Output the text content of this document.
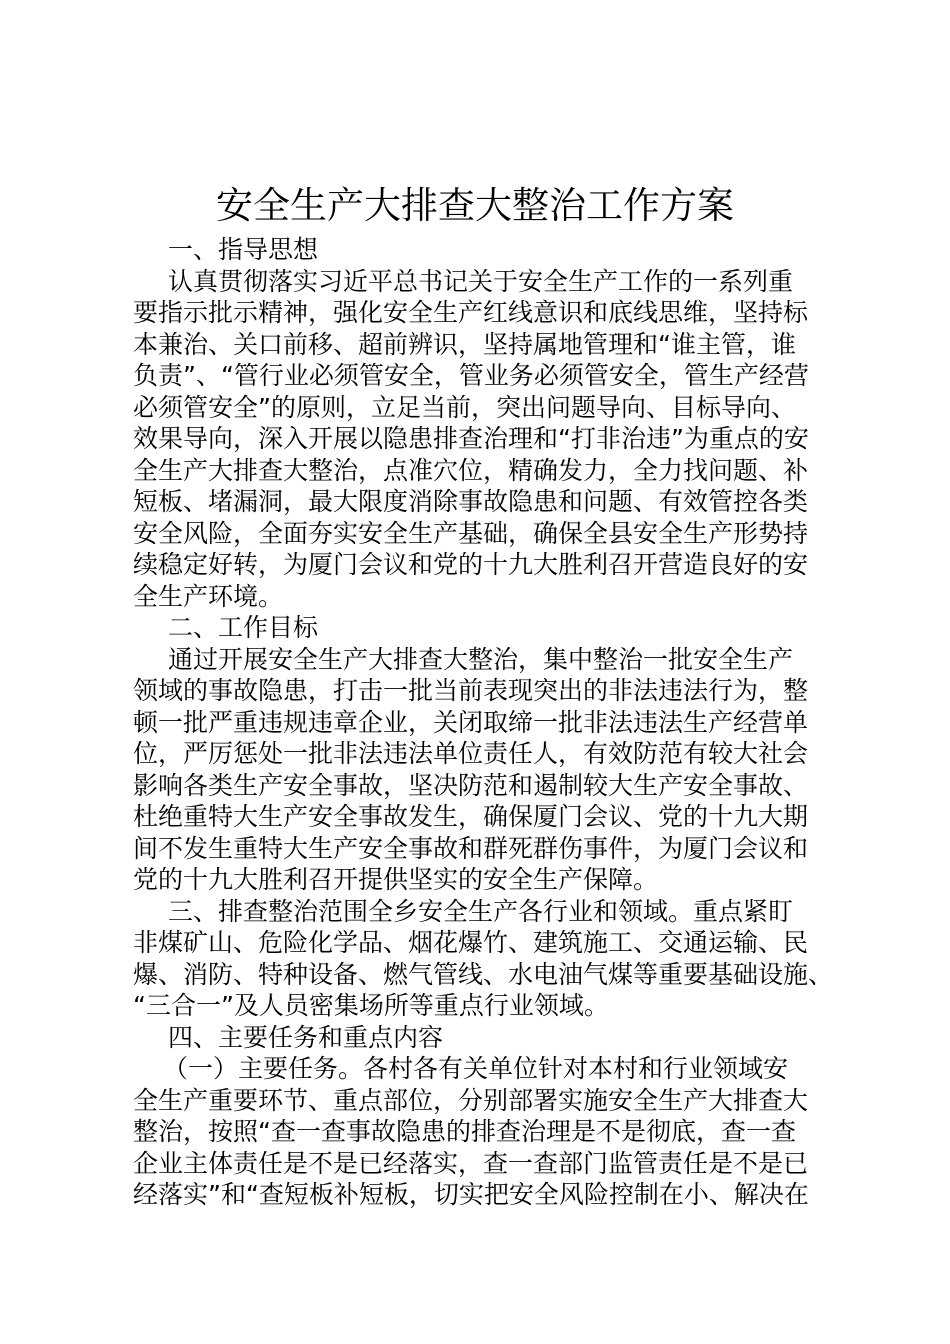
安全生产大排查大整治工作方案

一、指导思想

认真贯彻落实习近平总书记关于安全生产工作的一系列重
要指示批示精神，强化安全生产红线意识和底线思维，坚持标
本兼治、关口前移、超前辨识，坚持属地管理和“谁主管，谁
负责”、“管行业必须管安全，管业务必须管安全，管生产经营
必须管安全”的原则，立足当前，突出问题导向、目标导向、
效果导向，深入开展以隐患排查治理和“打非治违”为重点的安
全生产大排查大整治，点准穴位，精确发力，全力找问题、补
短板、堵漏洞，最大限度消除事故隐患和问题、有效管控各类
安全风险，全面夯实安全生产基础，确保全县安全生产形势持
续稳定好转，为厦门会议和党的十九大胜利召开营造良好的安
全生产环境。

二、工作目标

通过开展安全生产大排查大整治，集中整治一批安全生产
领域的事故隐患，打击一批当前表现突出的非法违法行为，整
顿一批严重违规违章企业，关闭取缔一批非法违法生产经营单
位，严厉惩处一批非法违法单位责任人，有效防范有较大社会
影响各类生产安全事故，坚决防范和遏制较大生产安全事故、
杜绝重特大生产安全事故发生，确保厦门会议、党的十九大期
间不发生重特大生产安全事故和群死群伤事件，为厦门会议和
党的十九大胜利召开提供坚实的安全生产保障。

三、排查整治范围全乡安全生产各行业和领域。重点紧盯
非煤矿山、危险化学品、烟花爆竹、建筑施工、交通运输、民
爆、消防、特种设备、燃气管线、水电油气煤等重要基础设施、
“三合一”及人员密集场所等重点行业领域。

四、主要任务和重点内容

（一）主要任务。各村各有关单位针对本村和行业领域安
全生产重要环节、重点部位，分别部署实施安全生产大排查大
整治，按照“查一查事故隐患的排查治理是不是彻底，查一查
企业主体责任是不是已经落实，查一查部门监管责任是不是已
经落实”和“查短板补短板，切实把安全风险控制在小、解决在
